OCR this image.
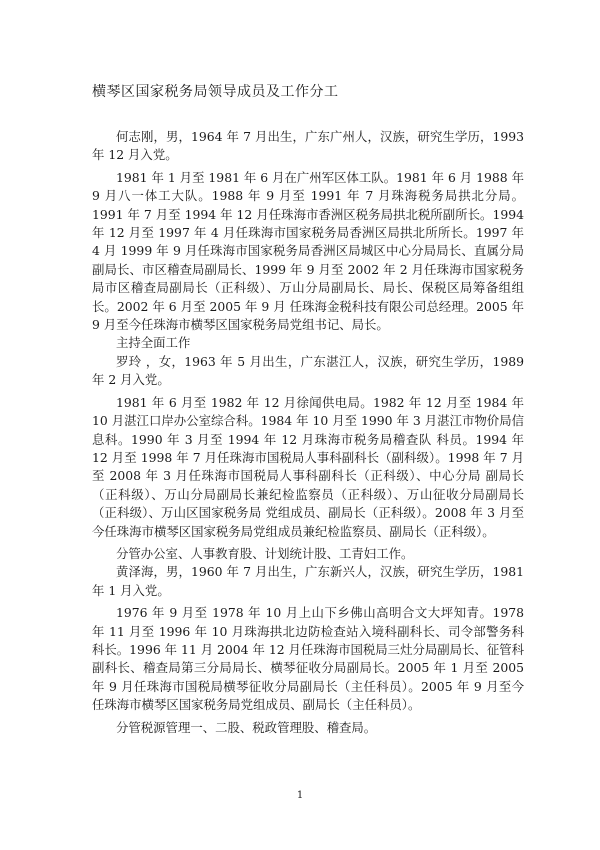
横琴区国家税务局领导成员及工作分工

何志刚，男，1964 年 7 月出生，广东广州人，汉族，研究生学历，1993 年 12 月入党。

1981 年 1 月至 1981 年 6 月在广州军区体工队。1981 年 6 月 1988 年 9 月八一体工大队。1988 年 9 月至 1991 年 7 月珠海税务局拱北分局。1991 年 7 月至 1994 年 12 月任珠海市香洲区税务局拱北税所副所长。1994 年 12 月至 1997 年 4 月任珠海市国家税务局香洲区局拱北所所长。1997 年 4 月 1999 年 9 月任珠海市国家税务局香洲区局城区中心分局局长、直属分局副局长、市区稽查局副局长、1999 年 9 月至 2002 年 2 月任珠海市国家税务局市区稽查局副局长（正科级）、万山分局副局长、局长、保税区局筹备组组长。2002 年 6 月至 2005 年 9 月 任珠海金税科技有限公司总经理。2005 年 9 月至今任珠海市横琴区国家税务局党组书记、局长。

主持全面工作

罗玲 ，女，1963 年 5 月出生，广东湛江人，汉族，研究生学历，1989 年 2 月入党。

1981 年 6 月至 1982 年 12 月徐闻供电局。1982 年 12 月至 1984 年 10 月湛江口岸办公室综合科。1984 年 10 月至 1990 年 3 月湛江市物价局信息科。1990 年 3 月至 1994 年 12 月珠海市税务局稽查队 科员。1994 年 12 月至 1998 年 7 月任珠海市国税局人事科副科长（副科级）。1998 年 7 月至 2008 年 3 月任珠海市国税局人事科副科长（正科级）、中心分局 副局长（正科级）、万山分局副局长兼纪检监察员（正科级）、万山征收分局副局长（正科级）、万山区国家税务局 党组成员、副局长（正科级）。2008 年 3 月至今任珠海市横琴区国家税务局党组成员兼纪检监察员、副局长（正科级）。

分管办公室、人事教育股、计划统计股、工青妇工作。

黄泽海，男，1960 年 7 月出生，广东新兴人，汉族，研究生学历，1981 年 1 月入党。

1976 年 9 月至 1978 年 10 月上山下乡佛山高明合文大坪知青。1978 年 11 月至 1996 年 10 月珠海拱北边防检查站入境科副科长、司令部警务科科长。1996 年 11 月 2004 年 12 月任珠海市国税局三灶分局副局长、征管科副科长、稽查局第三分局局长、横琴征收分局副局长。2005 年 1 月至 2005 年 9 月任珠海市国税局横琴征收分局副局长（主任科员）。2005 年 9 月至今任珠海市横琴区国家税务局党组成员、副局长（主任科员）。

分管税源管理一、二股、税政管理股、稽查局。

1
